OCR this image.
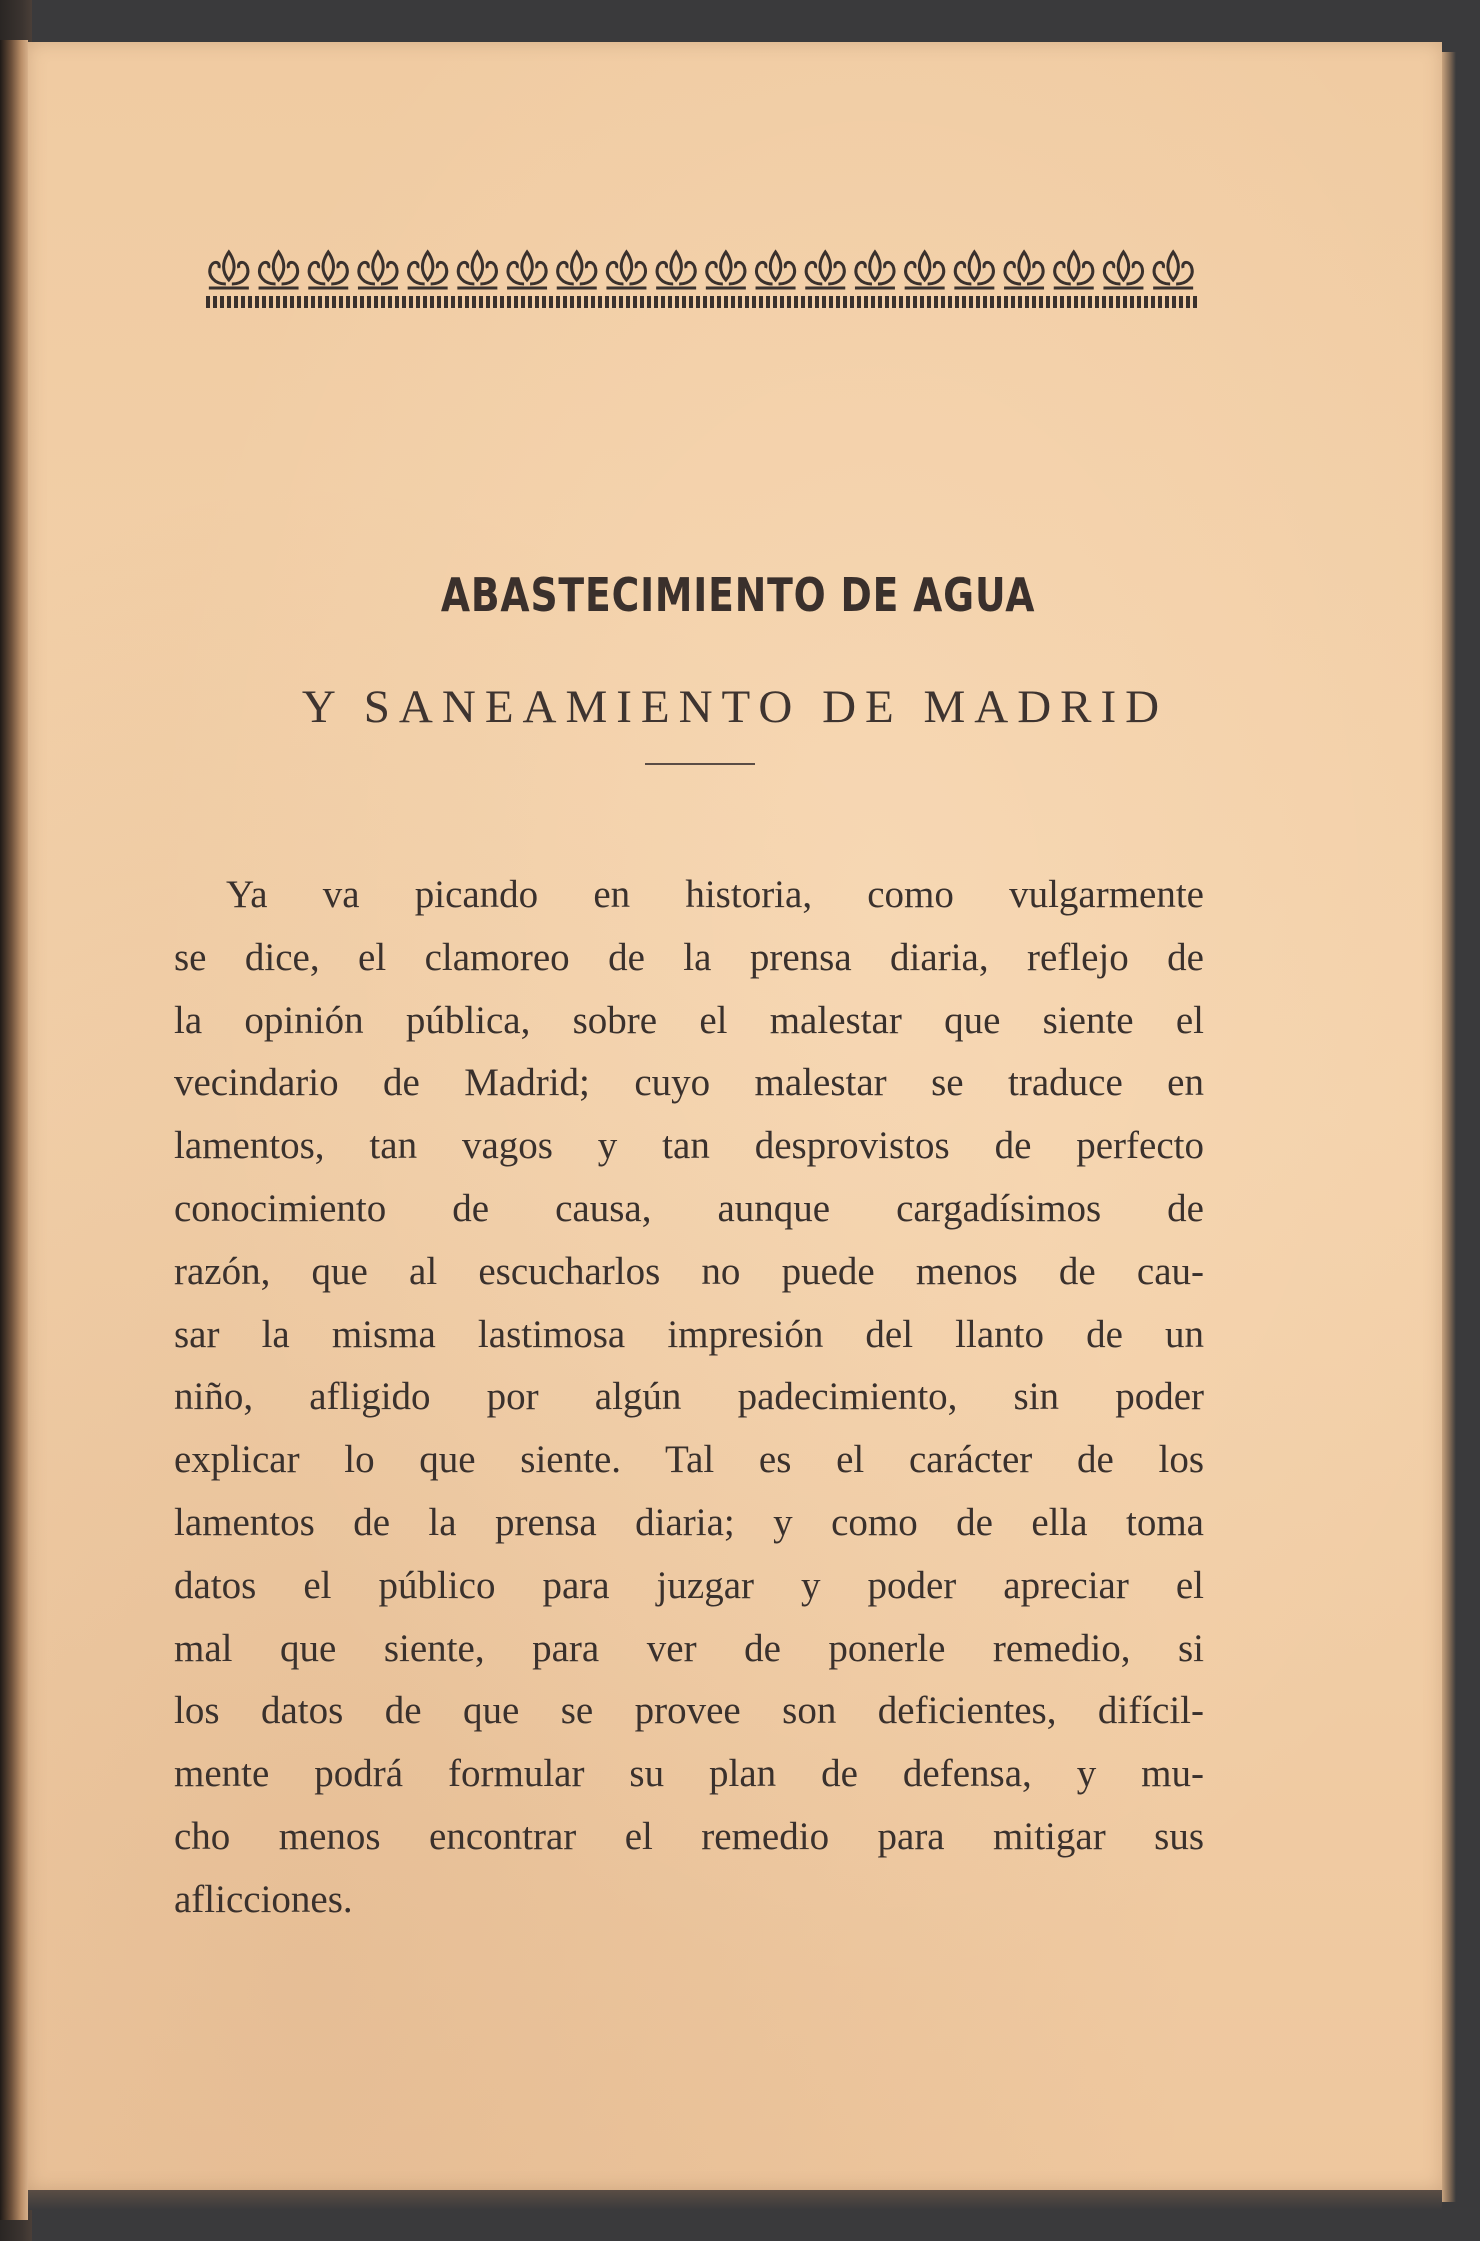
ABASTECIMIENTO DE AGUA
Y SANEAMIENTO DE MADRID
Ya va picando en historia, como vulgarmente
se dice, el clamoreo de la prensa diaria, reflejo de
la opinión pública, sobre el malestar que siente el
vecindario de Madrid; cuyo malestar se traduce en
lamentos, tan vagos y tan desprovistos de perfecto
conocimiento de causa, aunque cargadísimos de
razón, que al escucharlos no puede menos de cau-
sar la misma lastimosa impresión del llanto de un
niño, afligido por algún padecimiento, sin poder
explicar lo que siente. Tal es el carácter de los
lamentos de la prensa diaria; y como de ella toma
datos el público para juzgar y poder apreciar el
mal que siente, para ver de ponerle remedio, si
los datos de que se provee son deficientes, difícil-
mente podrá formular su plan de defensa, y mu-
cho menos encontrar el remedio para mitigar sus
aflicciones.
